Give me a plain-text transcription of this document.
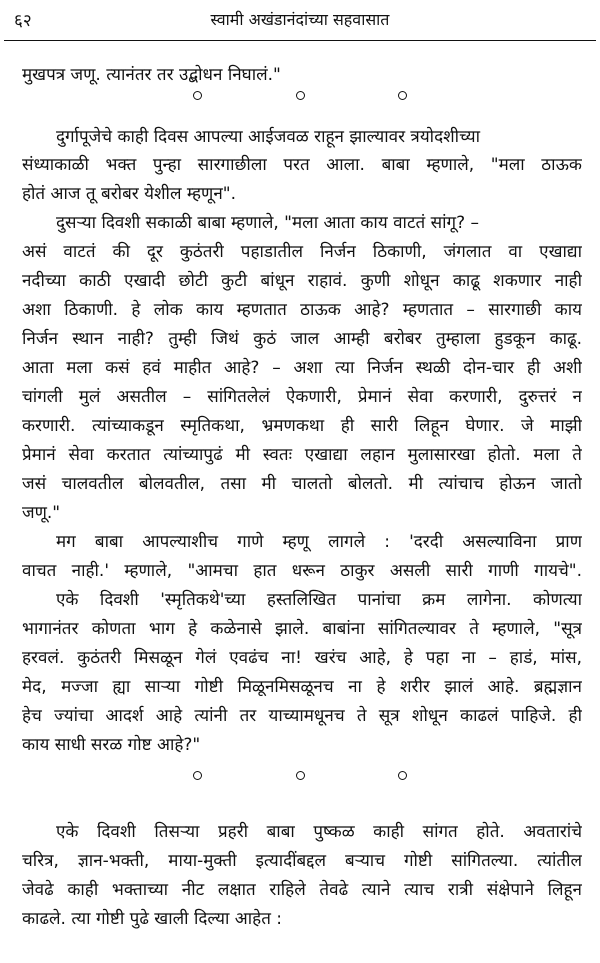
६२	स्वामी अखंडानंदांच्या सहवासात
मुखपत्र जणू. त्यानंतर तर उद्बोधन निघालं."
दुर्गापूजेचे काही दिवस आपल्या आईजवळ राहून झाल्यावर त्रयोदशीच्या
संध्याकाळी भक्त पुन्हा सारगाछीला परत आला. बाबा म्हणाले, "मला ठाऊक
होतं आज तू बरोबर येशील म्हणून".
दुसऱ्या दिवशी सकाळी बाबा म्हणाले, "मला आता काय वाटतं सांगू? –
असं वाटतं की दूर कुठंतरी पहाडातील निर्जन ठिकाणी, जंगलात वा एखाद्या
नदीच्या काठी एखादी छोटी कुटी बांधून राहावं. कुणी शोधून काढू शकणार नाही
अशा ठिकाणी. हे लोक काय म्हणतात ठाऊक आहे? म्हणतात – सारगाछी काय
निर्जन स्थान नाही? तुम्ही जिथं कुठं जाल आम्ही बरोबर तुम्हाला हुडकून काढू.
आता मला कसं हवं माहीत आहे? – अशा त्या निर्जन स्थळी दोन-चार ही अशी
चांगली मुलं असतील – सांगितलेलं ऐकणारी, प्रेमानं सेवा करणारी, दुरुत्तरं न
करणारी. त्यांच्याकडून स्मृतिकथा, भ्रमणकथा ही सारी लिहून घेणार. जे माझी
प्रेमानं सेवा करतात त्यांच्यापुढं मी स्वतः एखाद्या लहान मुलासारखा होतो. मला ते
जसं चालवतील बोलवतील, तसा मी चालतो बोलतो. मी त्यांचाच होऊन जातो
जणू."
मग बाबा आपल्याशीच गाणे म्हणू लागले : 'दरदी असल्याविना प्राण
वाचत नाही.' म्हणाले, "आमचा हात धरून ठाकुर असली सारी गाणी गायचे".
एके दिवशी 'स्मृतिकथे'च्या हस्तलिखित पानांचा क्रम लागेना. कोणत्या
भागानंतर कोणता भाग हे कळेनासे झाले. बाबांना सांगितल्यावर ते म्हणाले, "सूत्र
हरवलं. कुठंतरी मिसळून गेलं एवढंच ना! खरंच आहे, हे पहा ना – हाडं, मांस,
मेद, मज्जा ह्या साऱ्या गोष्टी मिळूनमिसळूनच ना हे शरीर झालं आहे. ब्रह्मज्ञान
हेच ज्यांचा आदर्श आहे त्यांनी तर याच्यामधूनच ते सूत्र शोधून काढलं पाहिजे. ही
काय साधी सरळ गोष्ट आहे?"
एके दिवशी तिसऱ्या प्रहरी बाबा पुष्कळ काही सांगत होते. अवतारांचे
चरित्र, ज्ञान-भक्ती, माया-मुक्ती इत्यादींबद्दल बऱ्याच गोष्टी सांगितल्या. त्यांतील
जेवढे काही भक्ताच्या नीट लक्षात राहिले तेवढे त्याने त्याच रात्री संक्षेपाने लिहून
काढले. त्या गोष्टी पुढे खाली दिल्या आहेत :
